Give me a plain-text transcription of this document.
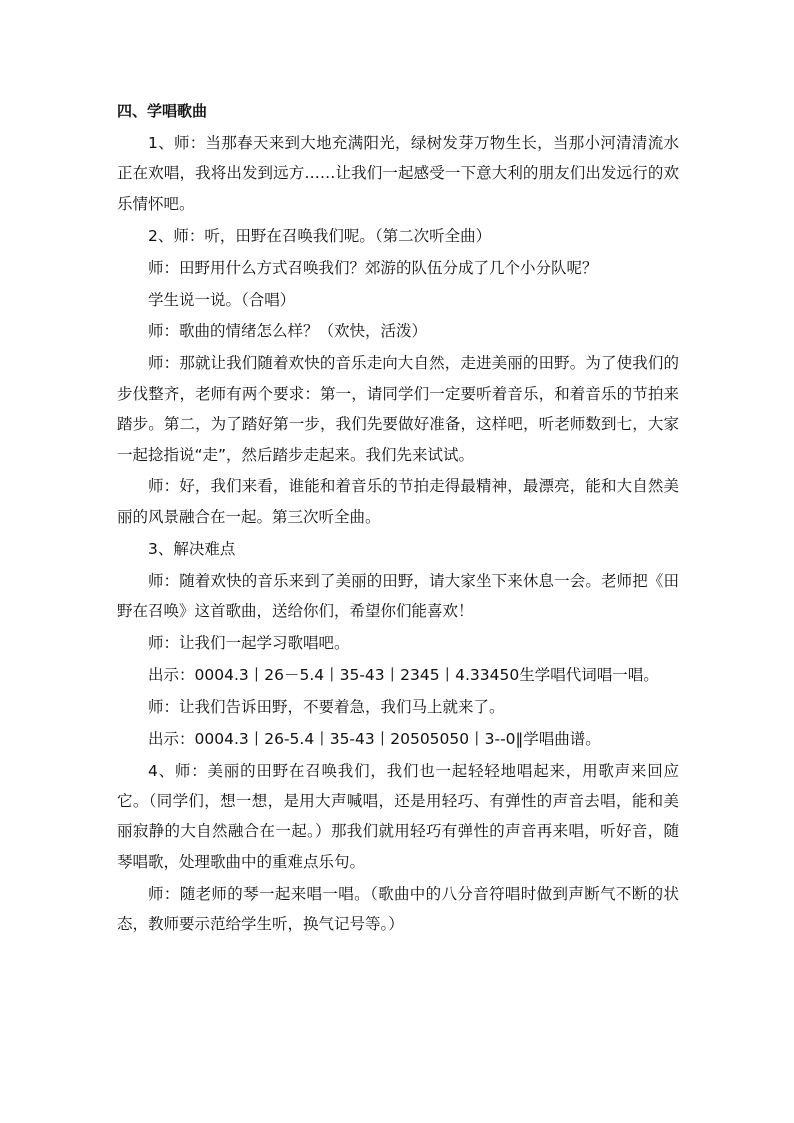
四、学唱歌曲

1、师：当那春天来到大地充满阳光，绿树发芽万物生长，当那小河清清流水正在欢唱，我将出发到远方……让我们一起感受一下意大利的朋友们出发远行的欢乐情怀吧。

2、师：听，田野在召唤我们呢。（第二次听全曲）

师：田野用什么方式召唤我们？郊游的队伍分成了几个小分队呢？

学生说一说。（合唱）

师：歌曲的情绪怎么样？（欢快，活泼）

师：那就让我们随着欢快的音乐走向大自然，走进美丽的田野。为了使我们的步伐整齐，老师有两个要求：第一，请同学们一定要听着音乐，和着音乐的节拍来踏步。第二，为了踏好第一步，我们先要做好准备，这样吧，听老师数到七，大家一起捻指说“走”，然后踏步走起来。我们先来试试。

师：好，我们来看，谁能和着音乐的节拍走得最精神，最漂亮，能和大自然美丽的风景融合在一起。第三次听全曲。

3、解决难点

师：随着欢快的音乐来到了美丽的田野，请大家坐下来休息一会。老师把《田野在召唤》这首歌曲，送给你们，希望你们能喜欢！

师：让我们一起学习歌唱吧。

出示：0004.3丨26－5.4丨35-43丨2345丨4.33450生学唱代词唱一唱。

师：让我们告诉田野，不要着急，我们马上就来了。

出示：0004.3丨26-5.4丨35-43丨20505050丨3--0‖学唱曲谱。

4、师：美丽的田野在召唤我们，我们也一起轻轻地唱起来，用歌声来回应它。（同学们，想一想，是用大声喊唱，还是用轻巧、有弹性的声音去唱，能和美丽寂静的大自然融合在一起。）那我们就用轻巧有弹性的声音再来唱，听好音，随琴唱歌，处理歌曲中的重难点乐句。

师：随老师的琴一起来唱一唱。（歌曲中的八分音符唱时做到声断气不断的状态，教师要示范给学生听，换气记号等。）
